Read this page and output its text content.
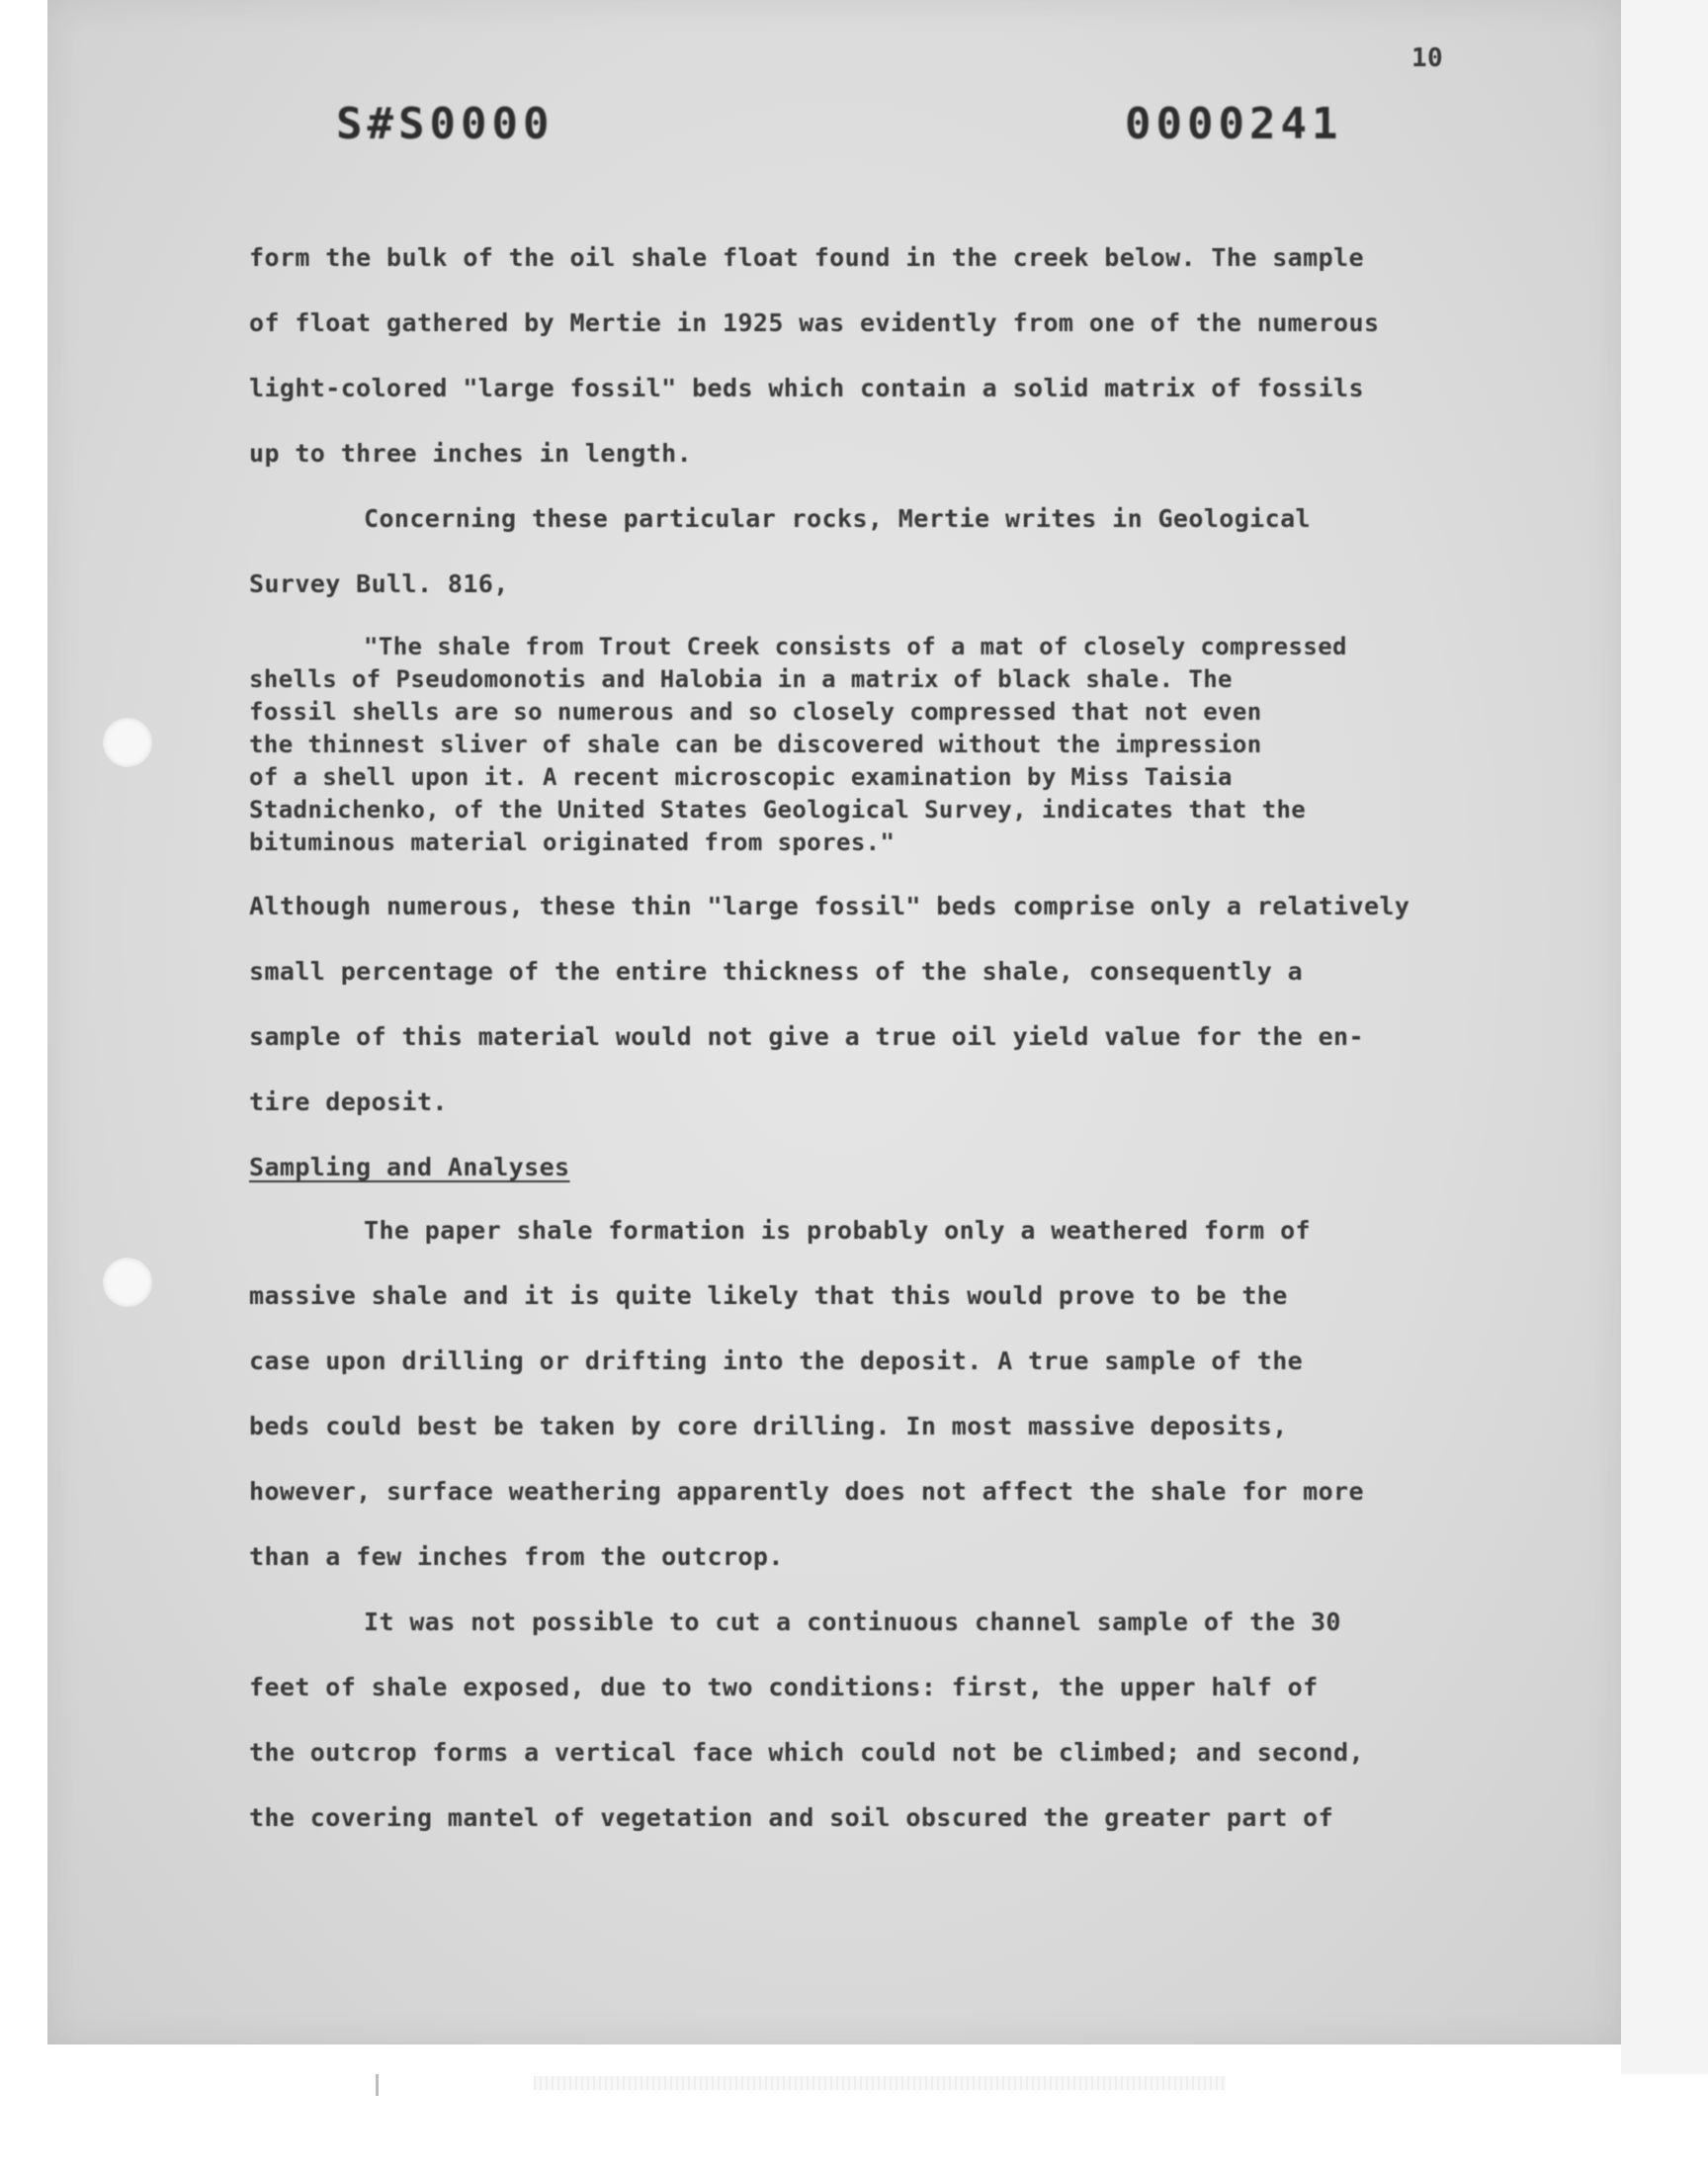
10
S#S0000	0000241
form the bulk of the oil shale float found in the creek below. The sample
of float gathered by Mertie in 1925 was evidently from one of the numerous
light-colored "large fossil" beds which contain a solid matrix of fossils
up to three inches in length.
Concerning these particular rocks, Mertie writes in Geological
Survey Bull. 816,
"The shale from Trout Creek consists of a mat of closely compressed
shells of Pseudomonotis and Halobia in a matrix of black shale. The
fossil shells are so numerous and so closely compressed that not even
the thinnest sliver of shale can be discovered without the impression
of a shell upon it. A recent microscopic examination by Miss Taisia
Stadnichenko, of the United States Geological Survey, indicates that the
bituminous material originated from spores."
Although numerous, these thin "large fossil" beds comprise only a relatively
small percentage of the entire thickness of the shale, consequently a
sample of this material would not give a true oil yield value for the en-
tire deposit.
Sampling and Analyses
The paper shale formation is probably only a weathered form of
massive shale and it is quite likely that this would prove to be the
case upon drilling or drifting into the deposit. A true sample of the
beds could best be taken by core drilling. In most massive deposits,
however, surface weathering apparently does not affect the shale for more
than a few inches from the outcrop.
It was not possible to cut a continuous channel sample of the 30
feet of shale exposed, due to two conditions: first, the upper half of
the outcrop forms a vertical face which could not be climbed; and second,
the covering mantel of vegetation and soil obscured the greater part of
